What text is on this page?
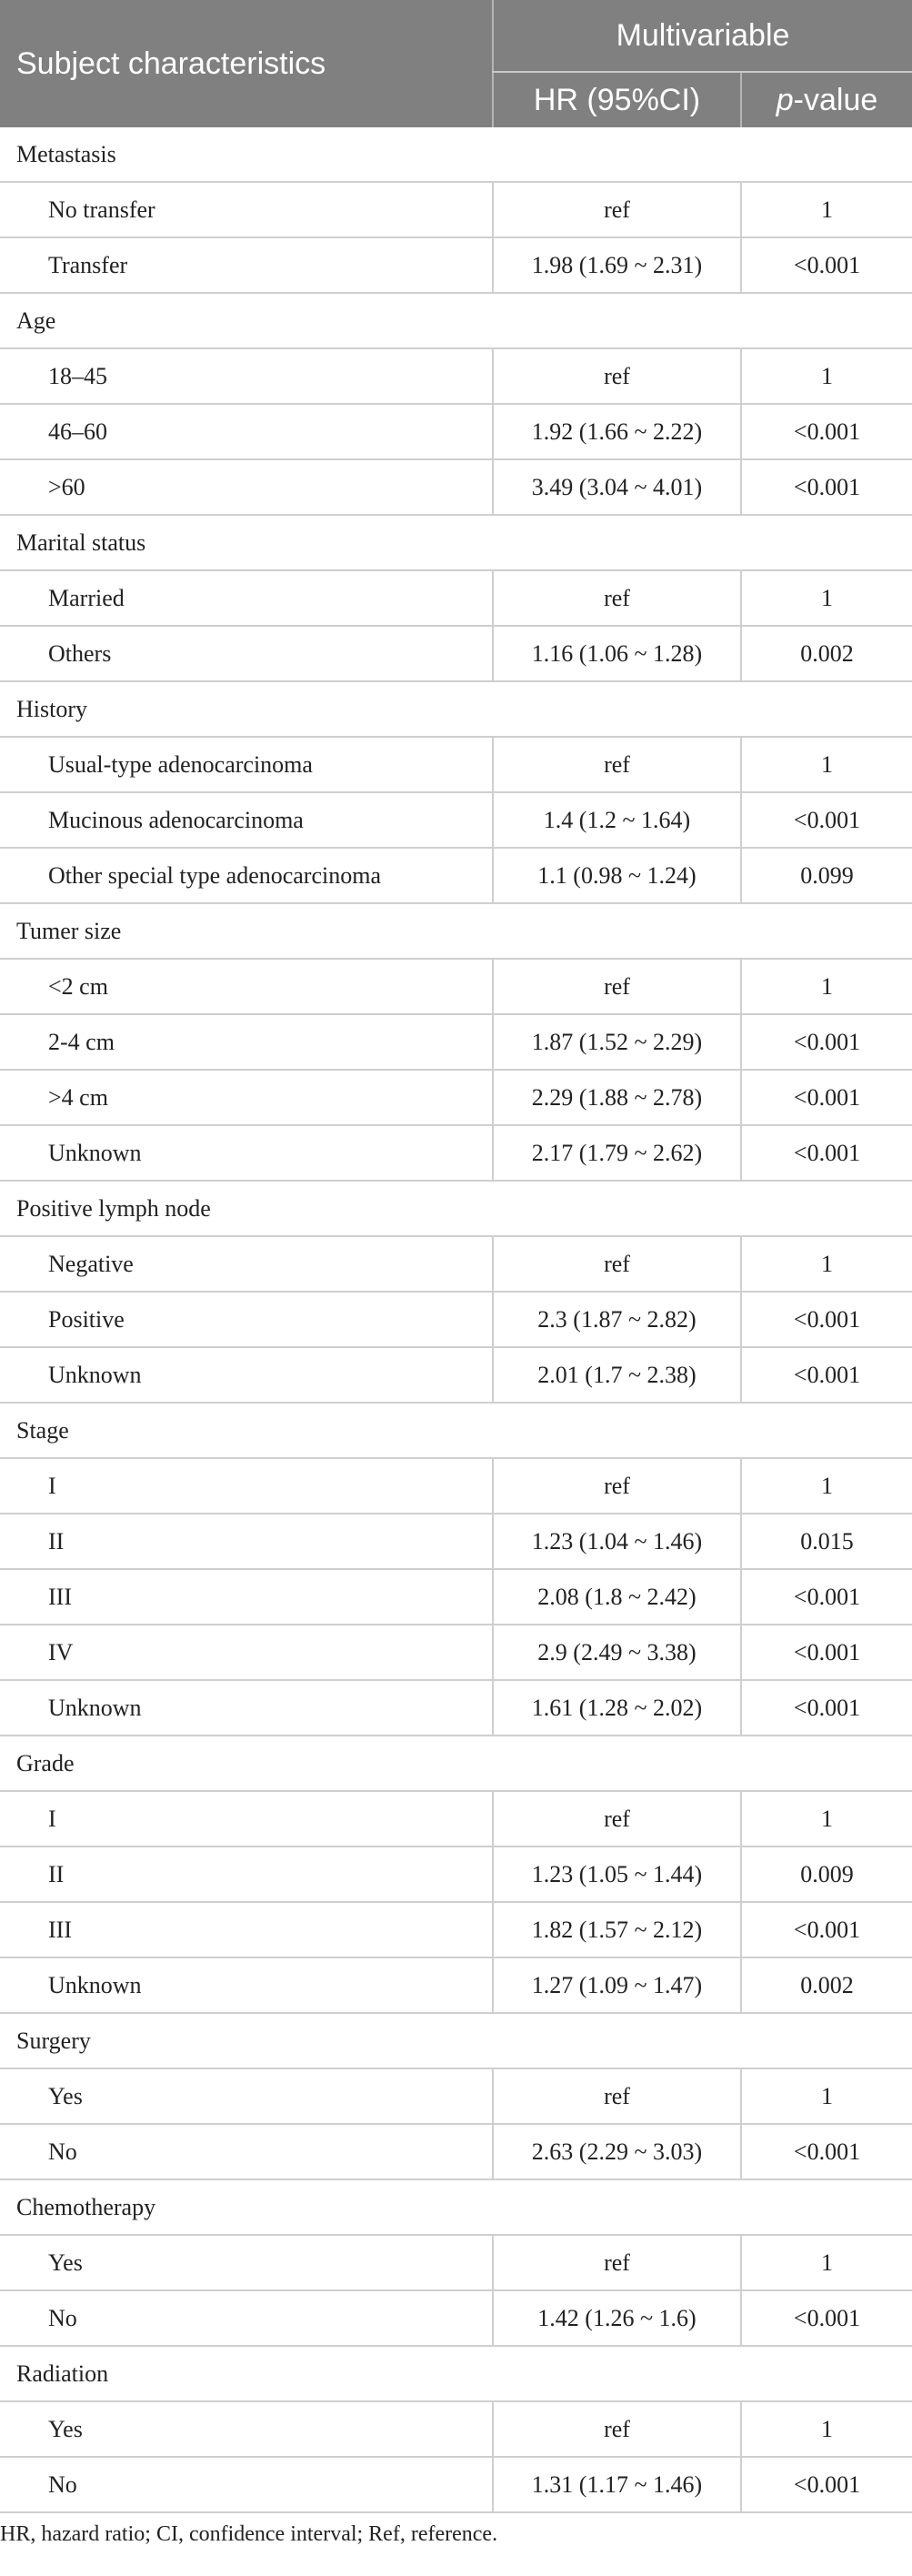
Subject characteristics	Multivariable	
	HR (95%CI)	p-value
Metastasis		
No transfer	ref	1
Transfer	1.98 (1.69 ~ 2.31)	<0.001
Age		
18–45	ref	1
46–60	1.92 (1.66 ~ 2.22)	<0.001
>60	3.49 (3.04 ~ 4.01)	<0.001
Marital status		
Married	ref	1
Others	1.16 (1.06 ~ 1.28)	0.002
History		
Usual-type adenocarcinoma	ref	1
Mucinous adenocarcinoma	1.4 (1.2 ~ 1.64)	<0.001
Other special type adenocarcinoma	1.1 (0.98 ~ 1.24)	0.099
Tumer size		
<2 cm	ref	1
2-4 cm	1.87 (1.52 ~ 2.29)	<0.001
>4 cm	2.29 (1.88 ~ 2.78)	<0.001
Unknown	2.17 (1.79 ~ 2.62)	<0.001
Positive lymph node		
Negative	ref	1
Positive	2.3 (1.87 ~ 2.82)	<0.001
Unknown	2.01 (1.7 ~ 2.38)	<0.001
Stage		
I	ref	1
II	1.23 (1.04 ~ 1.46)	0.015
III	2.08 (1.8 ~ 2.42)	<0.001
IV	2.9 (2.49 ~ 3.38)	<0.001
Unknown	1.61 (1.28 ~ 2.02)	<0.001
Grade		
I	ref	1
II	1.23 (1.05 ~ 1.44)	0.009
III	1.82 (1.57 ~ 2.12)	<0.001
Unknown	1.27 (1.09 ~ 1.47)	0.002
Surgery		
Yes	ref	1
No	2.63 (2.29 ~ 3.03)	<0.001
Chemotherapy		
Yes	ref	1
No	1.42 (1.26 ~ 1.6)	<0.001
Radiation		
Yes	ref	1
No	1.31 (1.17 ~ 1.46)	<0.001
HR, hazard ratio; CI, confidence interval; Ref, reference.
